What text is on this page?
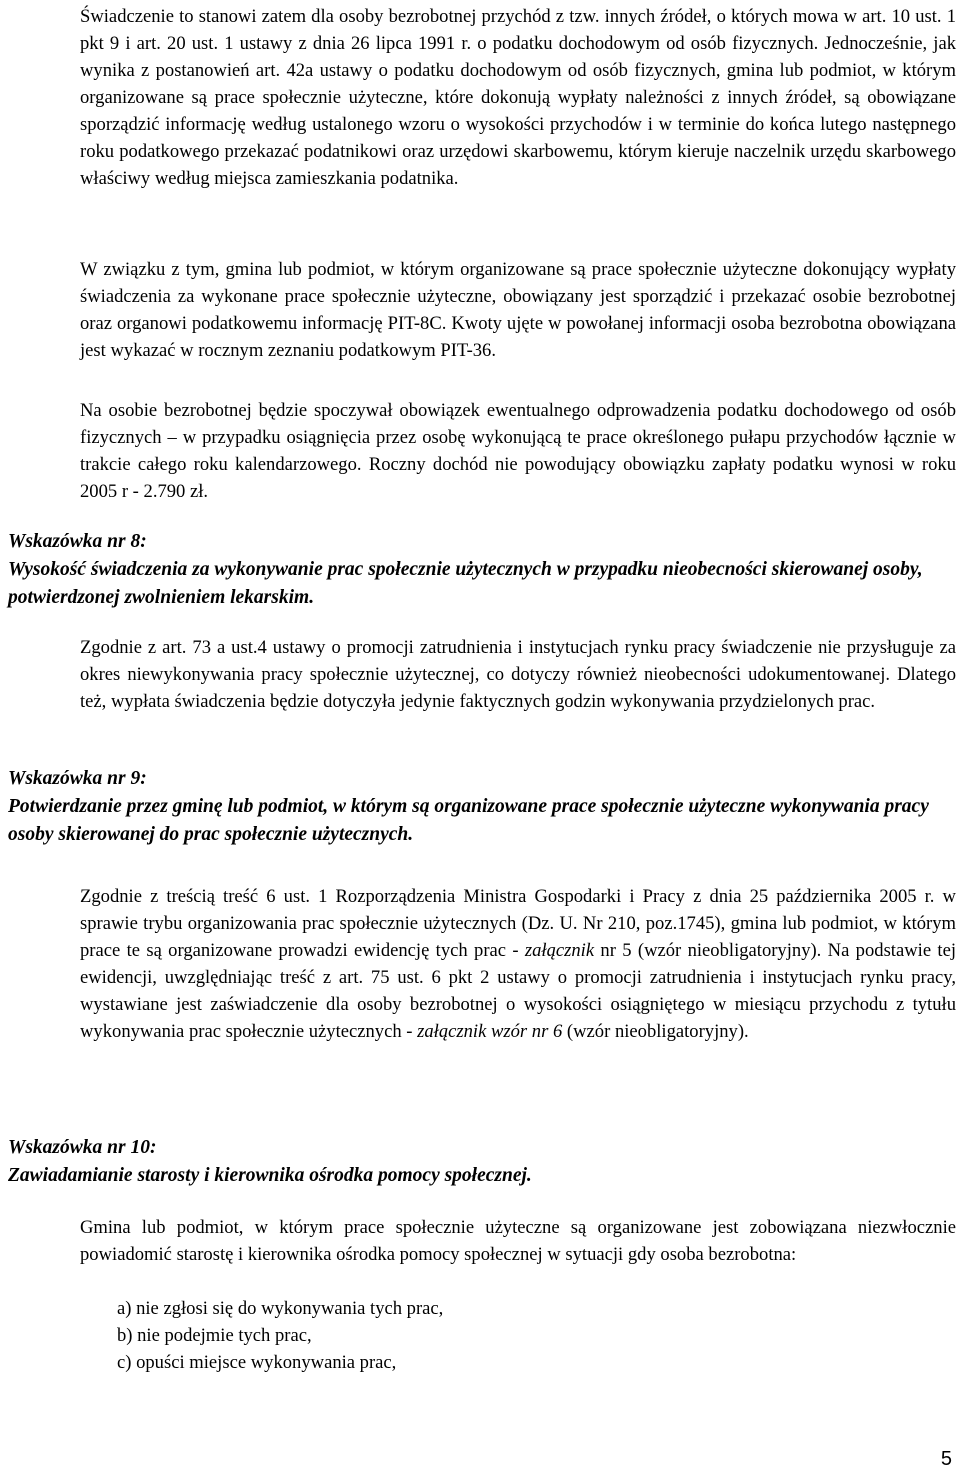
Świadczenie to stanowi zatem dla osoby bezrobotnej przychód z tzw. innych źródeł, o których mowa w art. 10 ust. 1 pkt 9 i art. 20 ust. 1 ustawy z dnia 26 lipca 1991 r. o podatku dochodowym od osób fizycznych. Jednocześnie, jak wynika z postanowień art. 42a ustawy o podatku dochodowym od osób fizycznych, gmina lub podmiot, w którym organizowane są prace społecznie użyteczne, które dokonują wypłaty należności z innych źródeł, są obowiązane sporządzić informację według ustalonego wzoru o wysokości przychodów i w terminie do końca lutego następnego roku podatkowego przekazać podatnikowi oraz urzędowi skarbowemu, którym kieruje naczelnik urzędu skarbowego właściwy według miejsca zamieszkania podatnika.

W związku z tym, gmina lub podmiot, w którym organizowane są prace społecznie użyteczne dokonujący wypłaty świadczenia za wykonane prace społecznie użyteczne, obowiązany jest sporządzić i przekazać osobie bezrobotnej oraz organowi podatkowemu informację PIT-8C. Kwoty ujęte w powołanej informacji osoba bezrobotna obowiązana jest wykazać w rocznym zeznaniu podatkowym PIT-36.

Na osobie bezrobotnej będzie spoczywał obowiązek ewentualnego odprowadzenia podatku dochodowego od osób fizycznych – w przypadku osiągnięcia przez osobę wykonującą te prace określonego pułapu przychodów łącznie w trakcie całego roku kalendarzowego. Roczny dochód nie powodujący obowiązku zapłaty podatku wynosi w roku 2005 r - 2.790 zł.

Wskazówka nr 8:
Wysokość świadczenia za wykonywanie prac społecznie użytecznych w przypadku nieobecności skierowanej osoby, potwierdzonej zwolnieniem lekarskim.

Zgodnie z art. 73 a ust.4 ustawy o promocji zatrudnienia i instytucjach rynku pracy świadczenie nie przysługuje za okres niewykonywania pracy społecznie użytecznej, co dotyczy również nieobecności udokumentowanej. Dlatego też, wypłata świadczenia będzie dotyczyła jedynie faktycznych godzin wykonywania przydzielonych prac.

Wskazówka nr 9:
Potwierdzanie przez gminę lub podmiot, w którym są organizowane prace społecznie użyteczne wykonywania pracy osoby skierowanej do prac społecznie użytecznych.

Zgodnie z treścią treść 6 ust. 1 Rozporządzenia Ministra Gospodarki i Pracy z dnia 25 października 2005 r. w sprawie trybu organizowania prac społecznie użytecznych (Dz. U. Nr 210, poz.1745), gmina lub podmiot, w którym prace te są organizowane prowadzi ewidencję tych prac - załącznik nr 5 (wzór nieobligatoryjny). Na podstawie tej ewidencji, uwzględniając treść z art. 75 ust. 6 pkt 2 ustawy o promocji zatrudnienia i instytucjach rynku pracy, wystawiane jest zaświadczenie dla osoby bezrobotnej o wysokości osiągniętego w miesiącu przychodu z tytułu wykonywania prac społecznie użytecznych - załącznik wzór nr 6 (wzór nieobligatoryjny).

Wskazówka nr 10:
Zawiadamianie starosty i kierownika ośrodka pomocy społecznej.

Gmina lub podmiot, w którym prace społecznie użyteczne są organizowane jest zobowiązana niezwłocznie powiadomić starostę i kierownika ośrodka pomocy społecznej w sytuacji gdy osoba bezrobotna:

a) nie zgłosi się do wykonywania tych prac,
b) nie podejmie tych prac,
c) opuści miejsce wykonywania prac,
5
